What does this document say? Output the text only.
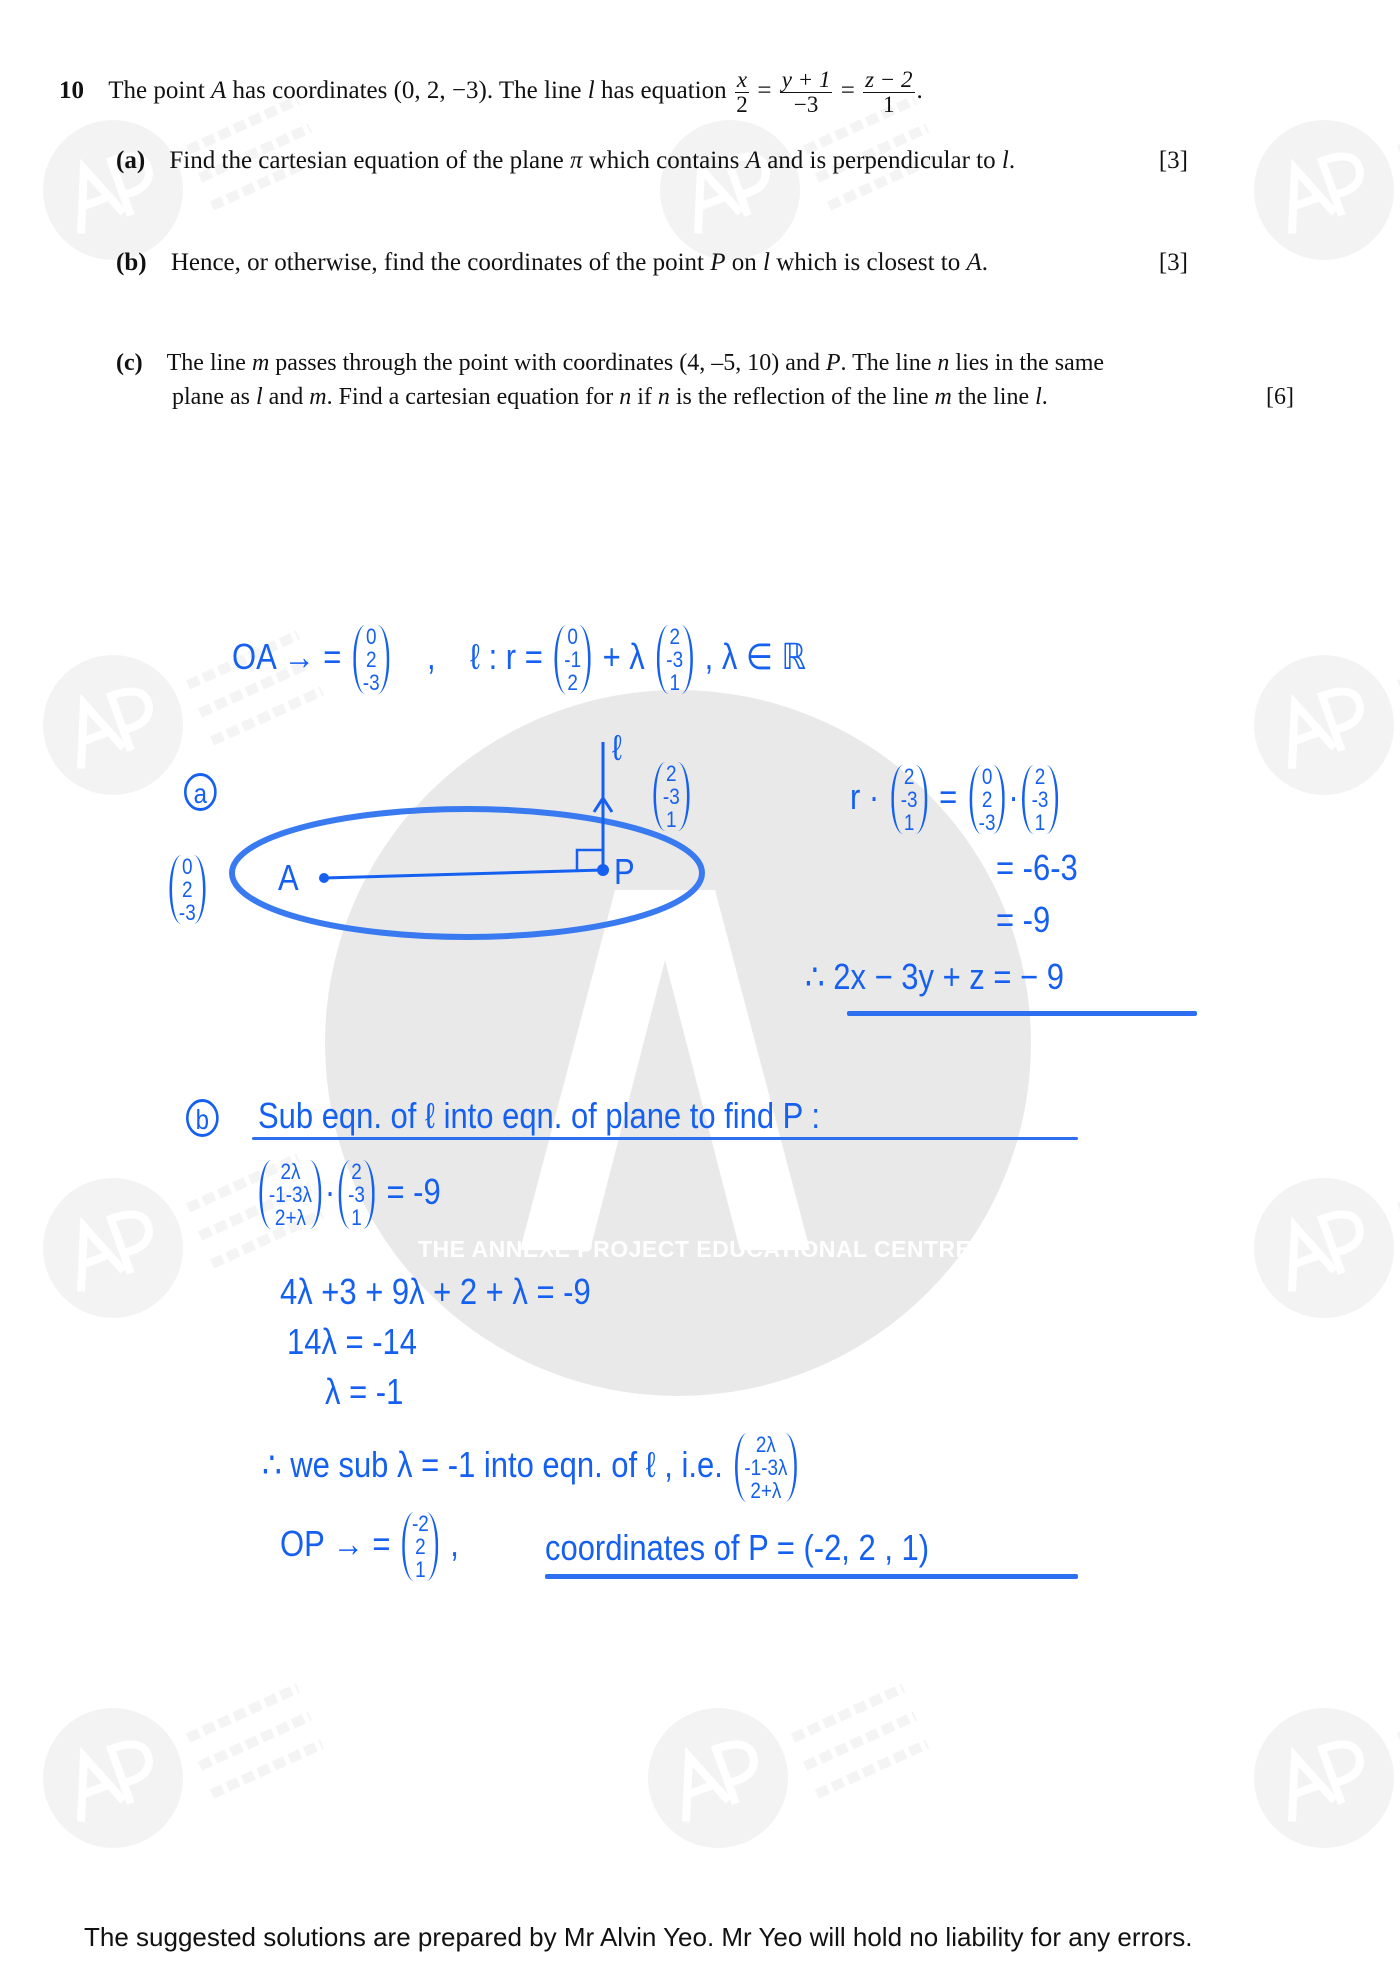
THE ANNEXE PROJECT EDUCATIONAL CENTRE
10 The point A has coordinates (0, 2, −3). The line l has equation $\frac{x}{2} = \frac{y + 1}{-3} = \frac{z - 2}{1}$ .
(a) Find the cartesian equation of the plane π which contains A and is perpendicular to l.	[3]
(b) Hence, or otherwise, find the coordinates of the point P on l which is closest to A.	[3]
(c) The line m passes through the point with coordinates (4, –5, 10) and P. The line n lies in the same
plane as l and m. Find a cartesian equation for n if n is the reflection of the line m the line l.	[6]
OA → = 0
2
-3
, ℓ : r = 0
-1
2
+ λ 2
-3
1
, λ ∈ ℝ
a
0
2
-3
A	P
ℓ
2
-3
1
r · 2
-3
1
= 0
2
-3
· 2
-3
1
= -6-3
= -9
∴ 2x − 3y + z = − 9
b Sub eqn. of ℓ into eqn. of plane to find P :
2λ
-1-3λ
2+λ
· 2
-3
1
= -9
4λ +3 + 9λ + 2 + λ = -9
14λ = -14
λ = -1
∴ we sub λ = -1 into eqn. of ℓ , i.e. 2λ
-1-3λ
2+λ
OP → = -2
2
1
, coordinates of P = (-2, 2 , 1)
The suggested solutions are prepared by Mr Alvin Yeo. Mr Yeo will hold no liability for any errors.
